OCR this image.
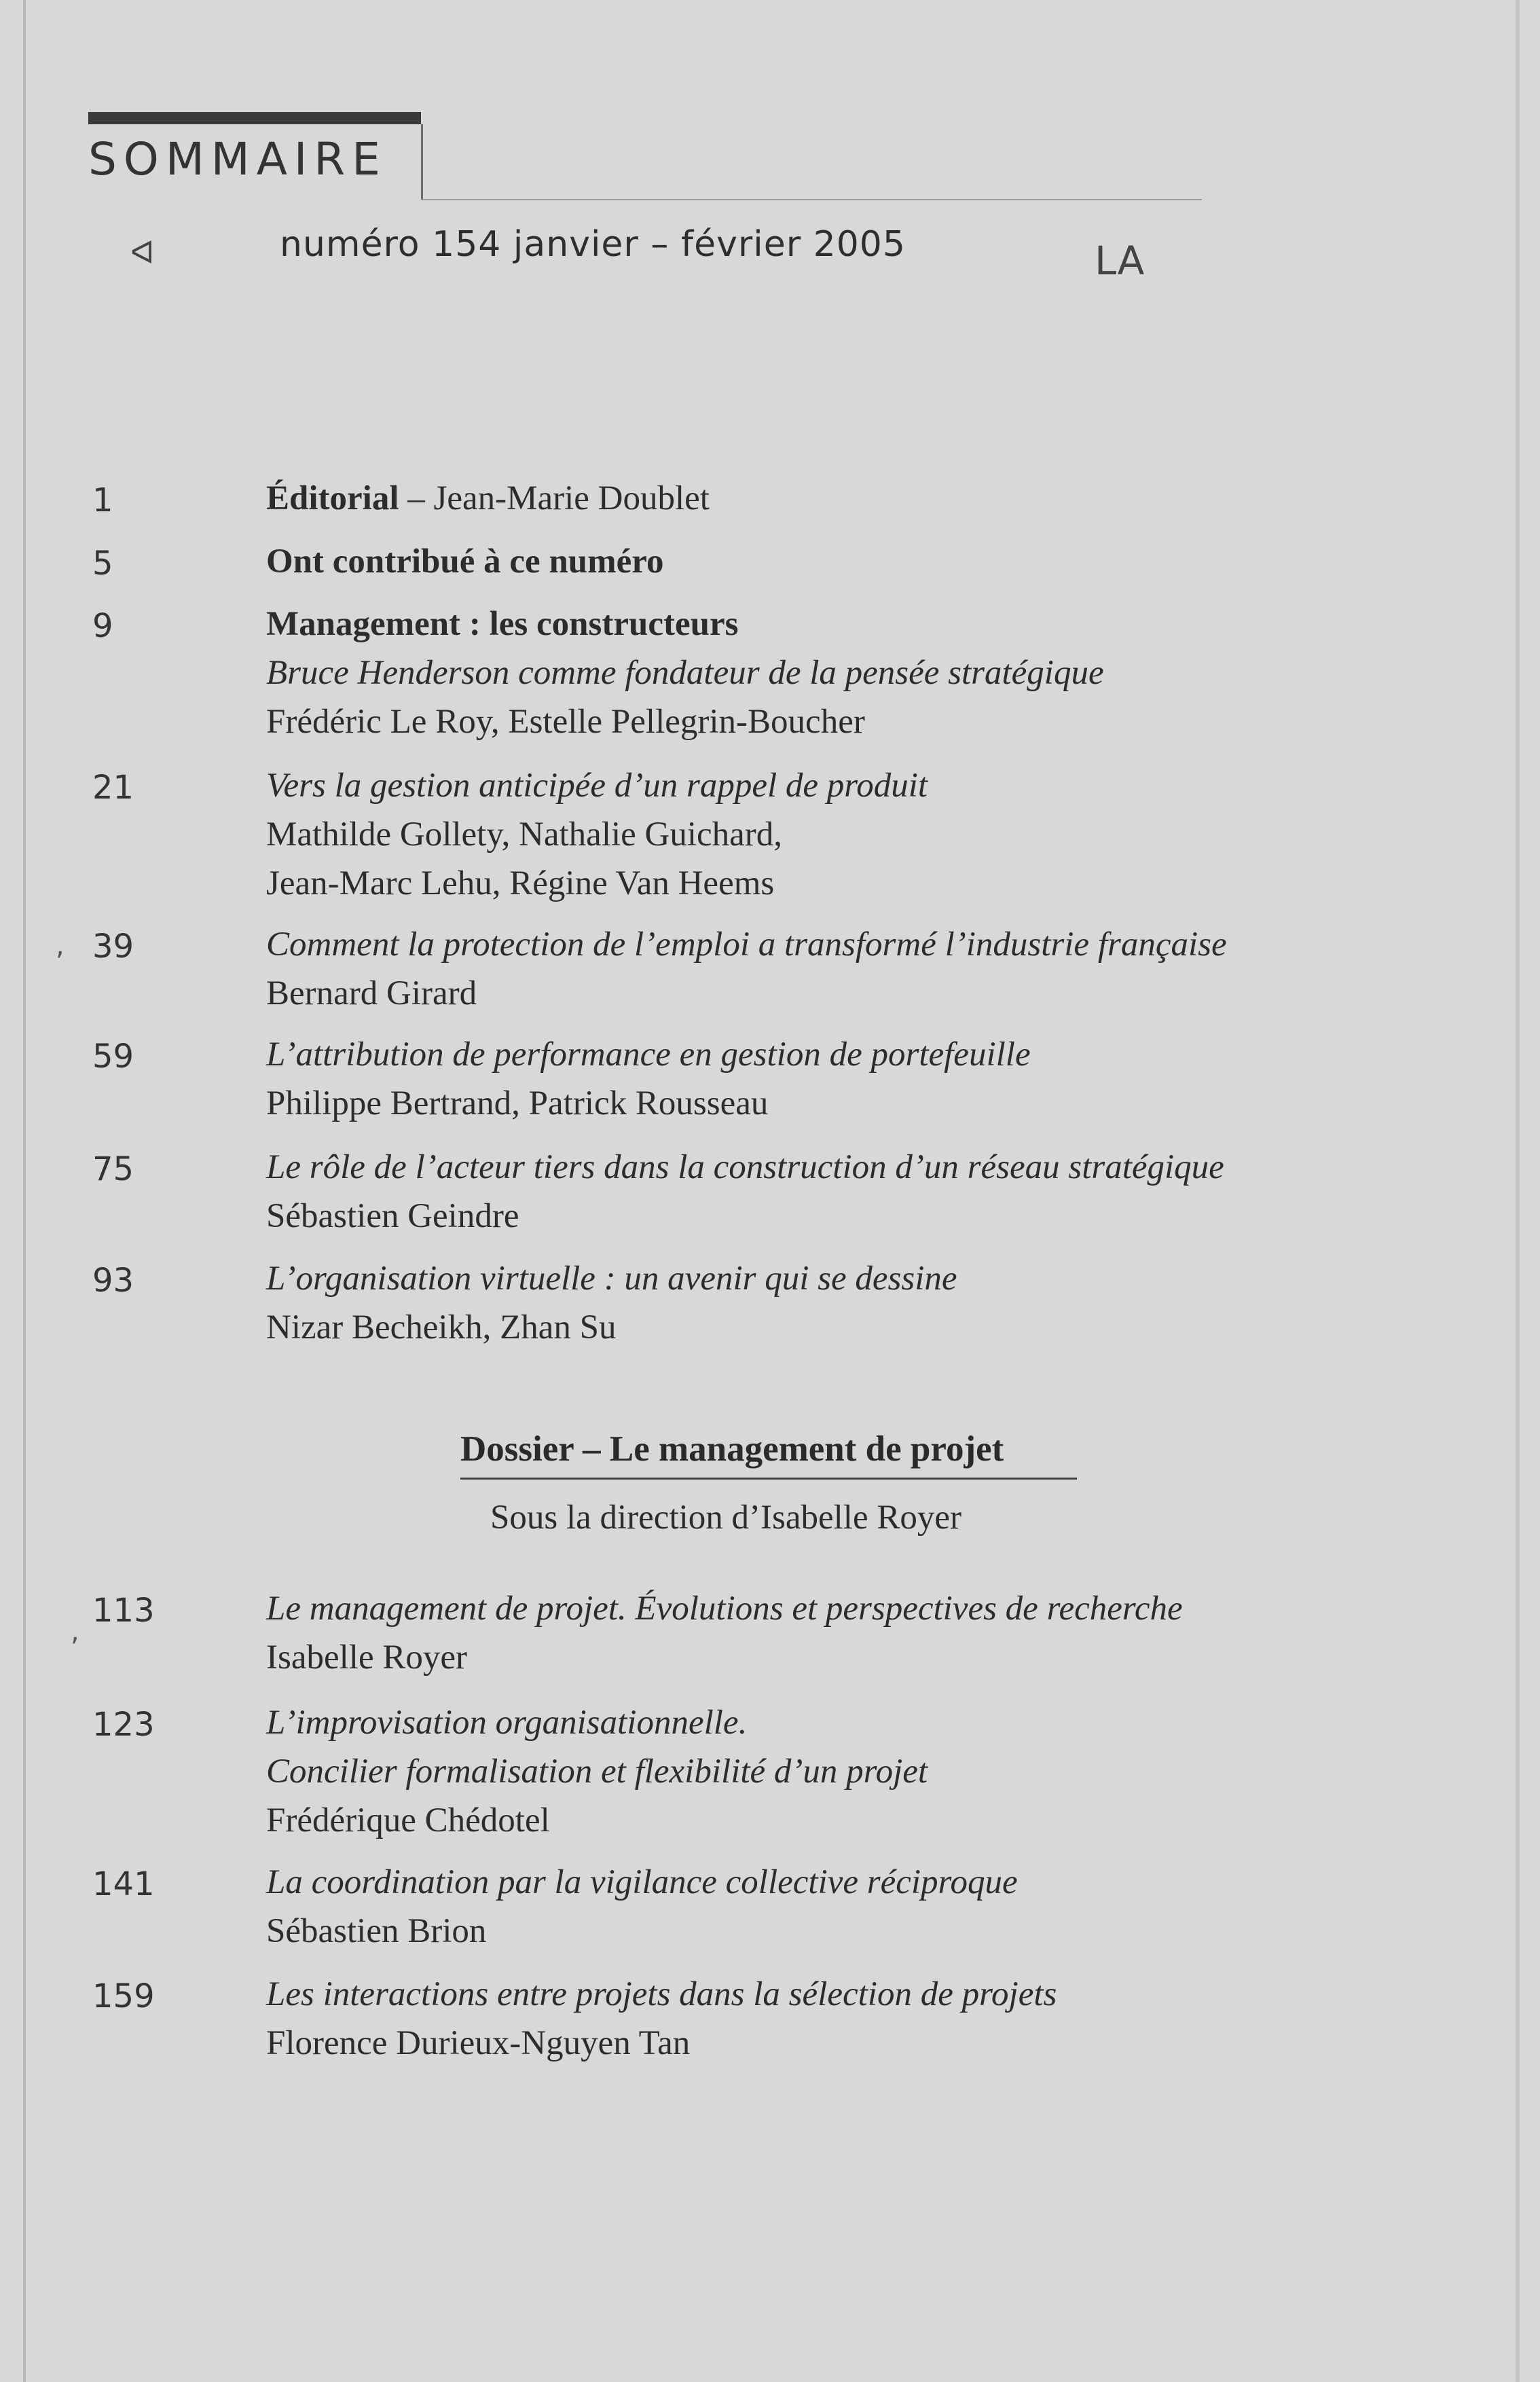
SOMMAIRE
ᐊ	numéro 154 janvier – février 2005	LA
1	Éditorial – Jean-Marie Doublet
5	Ont contribué à ce numéro
9	Management : les constructeurs
Bruce Henderson comme fondateur de la pensée stratégique
Frédéric Le Roy, Estelle Pellegrin-Boucher
21	Vers la gestion anticipée d’un rappel de produit
Mathilde Gollety, Nathalie Guichard,
Jean-Marc Lehu, Régine Van Heems
39	Comment la protection de l’emploi a transformé l’industrie française
Bernard Girard
59	L’attribution de performance en gestion de portefeuille
Philippe Bertrand, Patrick Rousseau
75	Le rôle de l’acteur tiers dans la construction d’un réseau stratégique
Sébastien Geindre
93	L’organisation virtuelle : un avenir qui se dessine
Nizar Becheikh, Zhan Su
Dossier – Le management de projet
Sous la direction d’Isabelle Royer
113	Le management de projet. Évolutions et perspectives de recherche
Isabelle Royer
123	L’improvisation organisationnelle.
Concilier formalisation et flexibilité d’un projet
Frédérique Chédotel
141	La coordination par la vigilance collective réciproque
Sébastien Brion
159	Les interactions entre projets dans la sélection de projets
Florence Durieux-Nguyen Tan
,
,
